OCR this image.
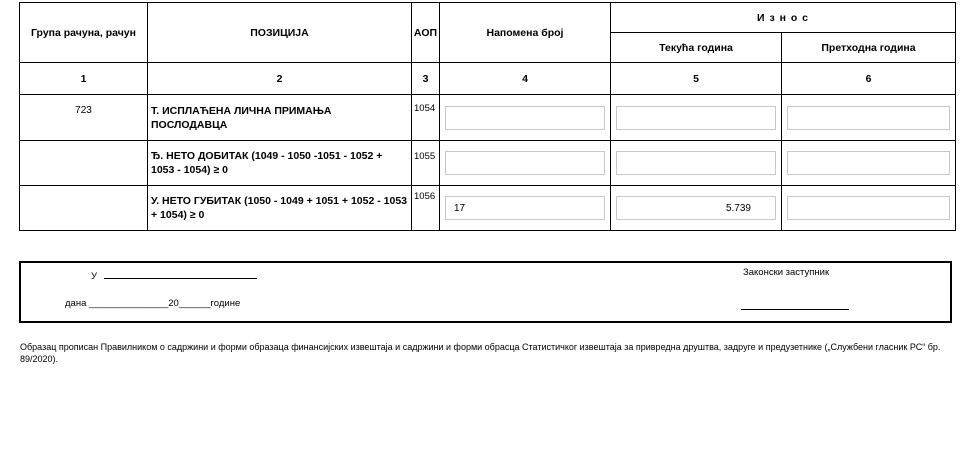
Група рачуна, рачун	ПОЗИЦИЈА	АОП	Напомена број	И з н о с	
				Текућа година	Претходна година
1	2	3	4	5	6
723	Т. ИСПЛАЋЕНА ЛИЧНА ПРИМАЊА ПОСЛОДАВЦА	1054	

	Ђ. НЕТО ДОБИТАК (1049 - 1050 -1051 - 1052 + 1053 - 1054) ≥ 0	1055	

	У. НЕТО ГУБИТАК (1050 - 1049 + 1051 + 1052 - 1053 + 1054) ≥ 0	1056	17	5.739	

У
дана _______________20______годинe
Законски заступник
Образац прописан Правилником о садржини и форми образаца финансијских извештаја и садржини и форми обрасца Статистичког извештаја за привредна друштва, задруге и предузетнике („Службени гласник РС“ бр. 89/2020).
